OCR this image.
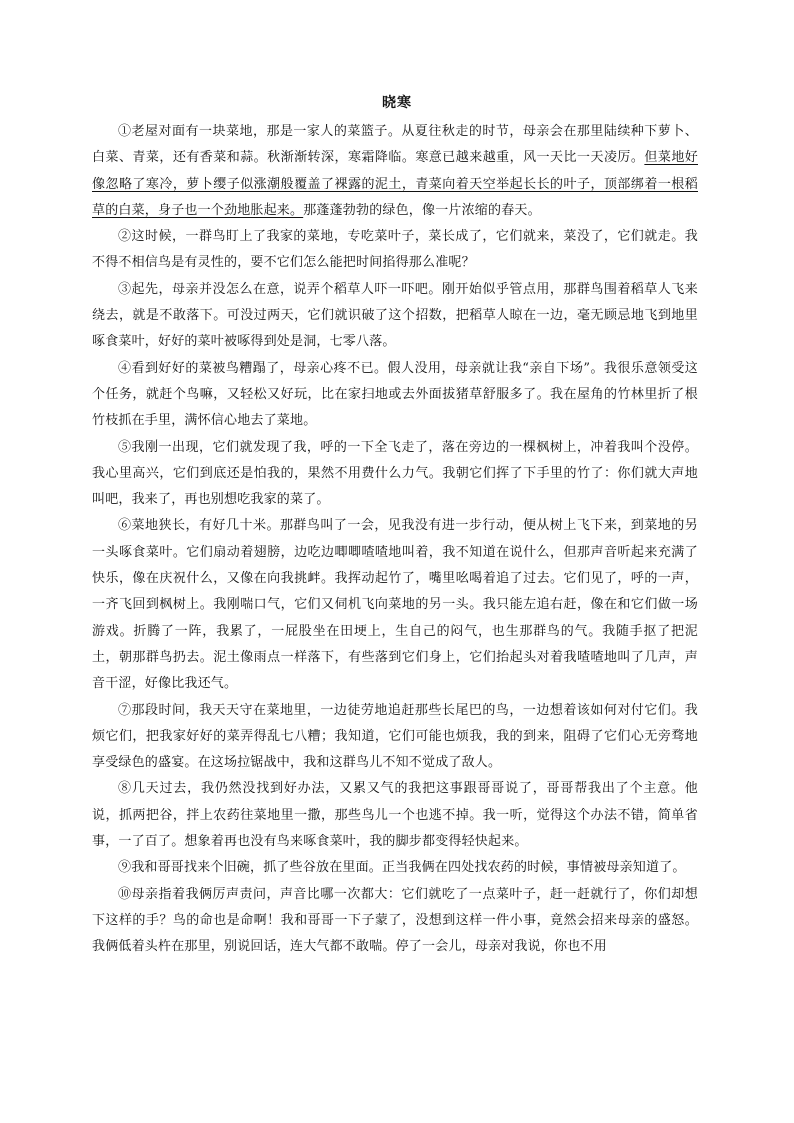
晓寒

①老屋对面有一块菜地，那是一家人的菜篮子。从夏往秋走的时节，母亲会在那里陆续种下萝卜、白菜、青菜，还有香菜和蒜。秋渐渐转深，寒霜降临。寒意已越来越重，风一天比一天凌厉。但菜地好像忽略了寒冷，萝卜缨子似涨潮般覆盖了裸露的泥土，青菜向着天空举起长长的叶子，顶部绑着一根稻草的白菜，身子也一个劲地胀起来。那蓬蓬勃勃的绿色，像一片浓缩的春天。

②这时候，一群鸟盯上了我家的菜地，专吃菜叶子，菜长成了，它们就来，菜没了，它们就走。我不得不相信鸟是有灵性的，要不它们怎么能把时间掐得那么准呢？

③起先，母亲并没怎么在意，说弄个稻草人吓一吓吧。刚开始似乎管点用，那群鸟围着稻草人飞来绕去，就是不敢落下。可没过两天，它们就识破了这个招数，把稻草人晾在一边，毫无顾忌地飞到地里啄食菜叶，好好的菜叶被啄得到处是洞，七零八落。

④看到好好的菜被鸟糟蹋了，母亲心疼不已。假人没用，母亲就让我“亲自下场”。我很乐意领受这个任务，就赶个鸟嘛，又轻松又好玩，比在家扫地或去外面拔猪草舒服多了。我在屋角的竹林里折了根竹枝抓在手里，满怀信心地去了菜地。

⑤我刚一出现，它们就发现了我，呼的一下全飞走了，落在旁边的一棵枫树上，冲着我叫个没停。我心里高兴，它们到底还是怕我的，果然不用费什么力气。我朝它们挥了下手里的竹了：你们就大声地叫吧，我来了，再也别想吃我家的菜了。

⑥菜地狭长，有好几十米。那群鸟叫了一会，见我没有进一步行动，便从树上飞下来，到菜地的另一头啄食菜叶。它们扇动着翅膀，边吃边唧唧喳喳地叫着，我不知道在说什么，但那声音听起来充满了快乐，像在庆祝什么，又像在向我挑衅。我挥动起竹了，嘴里吆喝着追了过去。它们见了，呼的一声，一齐飞回到枫树上。我刚喘口气，它们又伺机飞向菜地的另一头。我只能左追右赶，像在和它们做一场游戏。折腾了一阵，我累了，一屁股坐在田埂上，生自己的闷气，也生那群鸟的气。我随手抠了把泥土，朝那群鸟扔去。泥土像雨点一样落下，有些落到它们身上，它们抬起头对着我喳喳地叫了几声，声音干涩，好像比我还气。

⑦那段时间，我天天守在菜地里，一边徒劳地追赶那些长尾巴的鸟，一边想着该如何对付它们。我烦它们，把我家好好的菜弄得乱七八糟；我知道，它们可能也烦我，我的到来，阻碍了它们心无旁骛地享受绿色的盛宴。在这场拉锯战中，我和这群鸟儿不知不觉成了敌人。

⑧几天过去，我仍然没找到好办法，又累又气的我把这事跟哥哥说了，哥哥帮我出了个主意。他说，抓两把谷，拌上农药往菜地里一撒，那些鸟儿一个也逃不掉。我一听，觉得这个办法不错，简单省事，一了百了。想象着再也没有鸟来啄食菜叶，我的脚步都变得轻快起来。

⑨我和哥哥找来个旧碗，抓了些谷放在里面。正当我俩在四处找农药的时候，事情被母亲知道了。

⑩母亲指着我俩厉声责问，声音比哪一次都大：它们就吃了一点菜叶子，赶一赶就行了，你们却想下这样的手？鸟的命也是命啊！我和哥哥一下子蒙了，没想到这样一件小事，竟然会招来母亲的盛怒。我俩低着头杵在那里，别说回话，连大气都不敢喘。停了一会儿，母亲对我说，你也不用
